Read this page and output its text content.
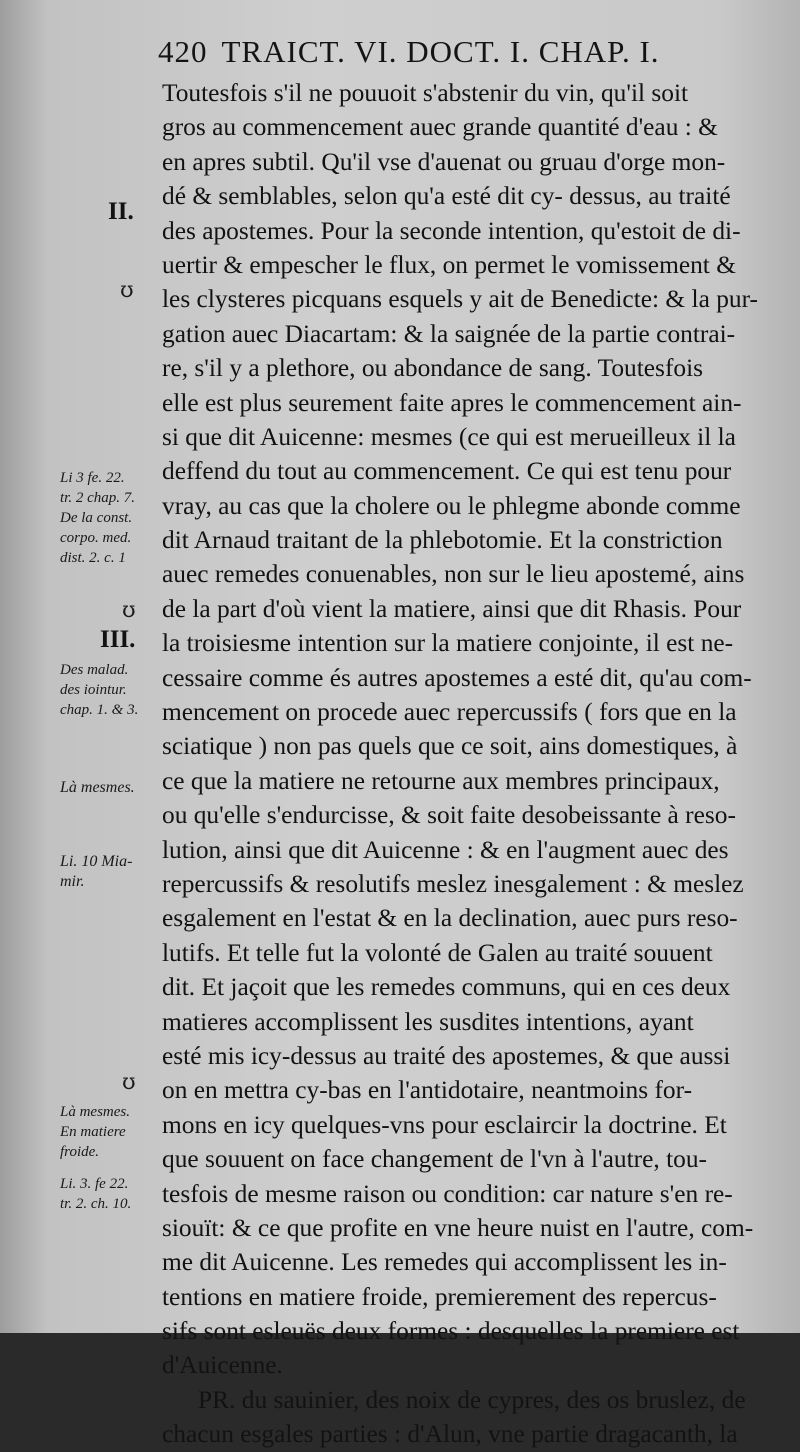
420 TRAICT. VI. DOCT. I. CHAP. I.
II.
ʊ
Li 3 fe. 22.
tr. 2 chap. 7.
De la const.
corpo. med.
dist. 2. c. 1
ʊ
III.
Des malad.
des iointur.
chap. 1. & 3.
Là mesmes.
Li. 10 Mia-
mir.
ʊ
Là mesmes.
En matiere
froide.
Li. 3. fe 22.
tr. 2. ch. 10.
Toutesfois s'il ne pouuoit s'abstenir du vin, qu'il soit
gros au commencement auec grande quantité d'eau : &
en apres subtil. Qu'il vse d'auenat ou gruau d'orge mon-
dé & semblables, selon qu'a esté dit cy- dessus, au traité
des apostemes. Pour la seconde intention, qu'estoit de di-
uertir & empescher le flux, on permet le vomissement &
les clysteres picquans esquels y ait de Benedicte: & la pur-
gation auec Diacartam: & la saignée de la partie contrai-
re, s'il y a plethore, ou abondance de sang. Toutesfois
elle est plus seurement faite apres le commencement ain-
si que dit Auicenne: mesmes (ce qui est merueilleux il la
deffend du tout au commencement. Ce qui est tenu pour
vray, au cas que la cholere ou le phlegme abonde comme
dit Arnaud traitant de la phlebotomie. Et la constriction
auec remedes conuenables, non sur le lieu apostemé, ains
de la part d'où vient la matiere, ainsi que dit Rhasis. Pour
la troisiesme intention sur la matiere conjointe, il est ne-
cessaire comme és autres apostemes a esté dit, qu'au com-
mencement on procede auec repercussifs ( fors que en la
sciatique ) non pas quels que ce soit, ains domestiques, à
ce que la matiere ne retourne aux membres principaux,
ou qu'elle s'endurcisse, & soit faite desobeissante à reso-
lution, ainsi que dit Auicenne : & en l'augment auec des
repercussifs & resolutifs meslez inesgalement : & meslez
esgalement en l'estat & en la declination, auec purs reso-
lutifs. Et telle fut la volonté de Galen au traité souuent
dit. Et jaçoit que les remedes communs, qui en ces deux
matieres accomplissent les susdites intentions, ayant
esté mis icy-dessus au traité des apostemes, & que aussi
on en mettra cy-bas en l'antidotaire, neantmoins for-
mons en icy quelques-vns pour esclaircir la doctrine. Et
que souuent on face changement de l'vn à l'autre, tou-
tesfois de mesme raison ou condition: car nature s'en re-
siouït: & ce que profite en vne heure nuist en l'autre, com-
me dit Auicenne. Les remedes qui accomplissent les in-
tentions en matiere froide, premierement des repercus-
sifs sont esleuës deux formes : desquelles la premiere est
d'Auicenne.
PR. du sauinier, des noix de cypres, des os bruslez, de
chacun esgales parties : d'Alun, vne partie dragacanth, la
